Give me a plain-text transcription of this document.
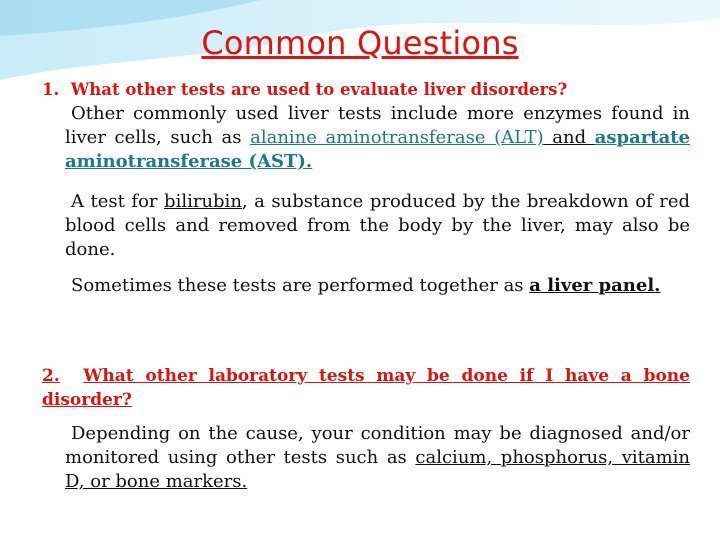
Common Questions
1. What other tests are used to evaluate liver disorders?
Other commonly used liver tests include more enzymes found in liver cells, such as alanine aminotransferase (ALT) and aspartate aminotransferase (AST).
A test for bilirubin, a substance produced by the breakdown of red blood cells and removed from the body by the liver, may also be done.
Sometimes these tests are performed together as a liver panel.
2. What other laboratory tests may be done if I have a bone disorder?
Depending on the cause, your condition may be diagnosed and/or monitored using other tests such as calcium, phosphorus, vitamin D, or bone markers.
